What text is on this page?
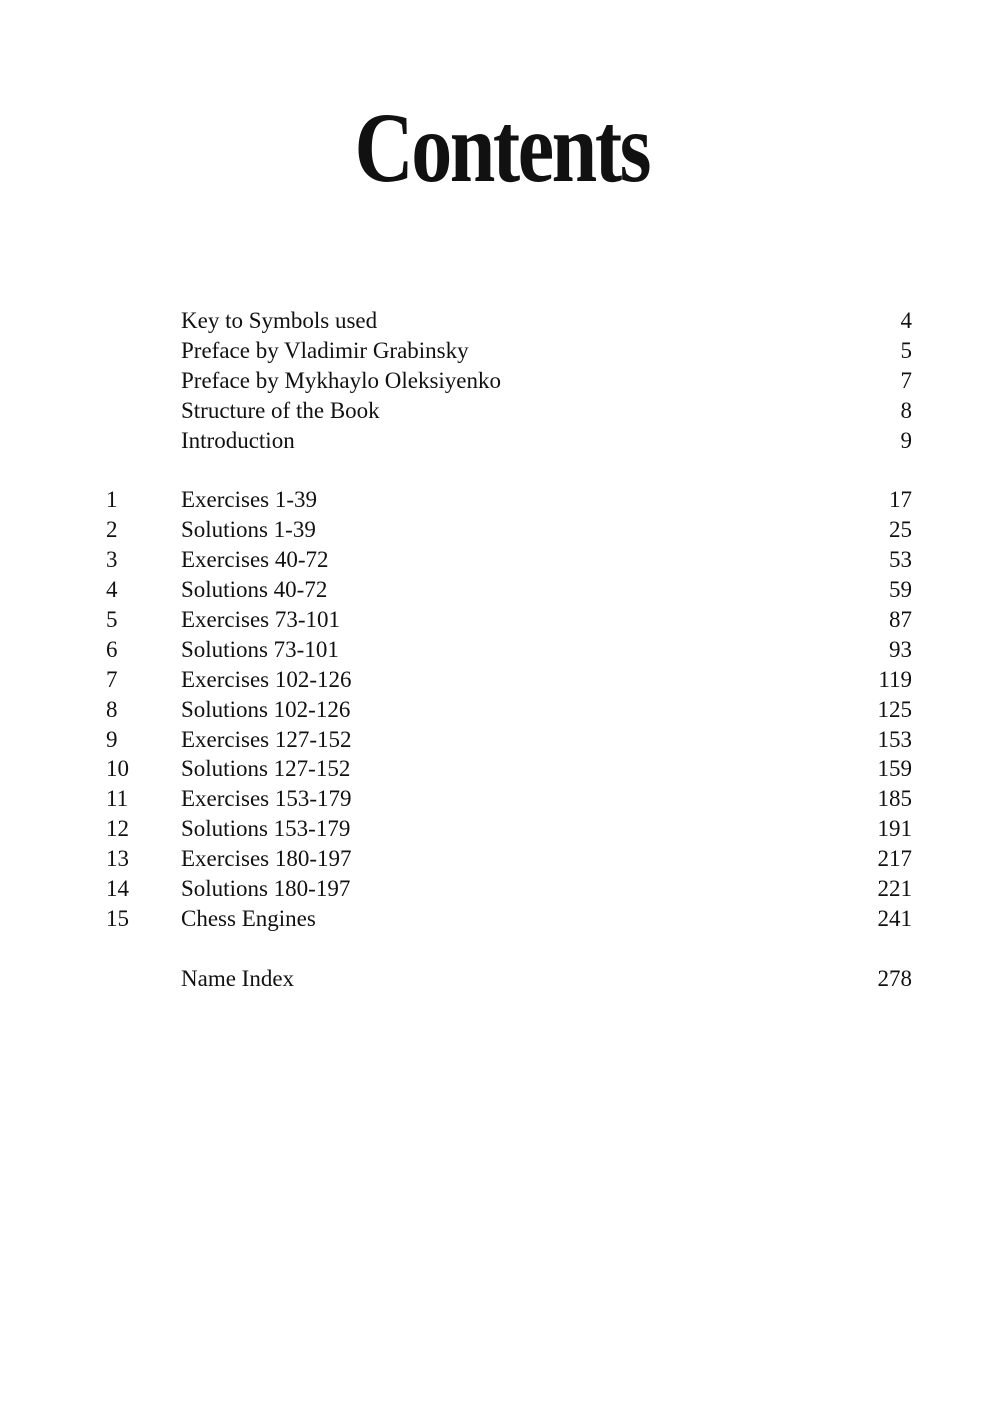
Contents
Key to Symbols used	4
Preface by Vladimir Grabinsky	5
Preface by Mykhaylo Oleksiyenko	7
Structure of the Book	8
Introduction	9
1	Exercises 1-39	17
2	Solutions 1-39	25
3	Exercises 40-72	53
4	Solutions 40-72	59
5	Exercises 73-101	87
6	Solutions 73-101	93
7	Exercises 102-126	119
8	Solutions 102-126	125
9	Exercises 127-152	153
10 Solutions 127-152	159
11 Exercises 153-179	185
12 Solutions 153-179	191
13 Exercises 180-197	217
14 Solutions 180-197	221
15 Chess Engines	241
Name Index	278
